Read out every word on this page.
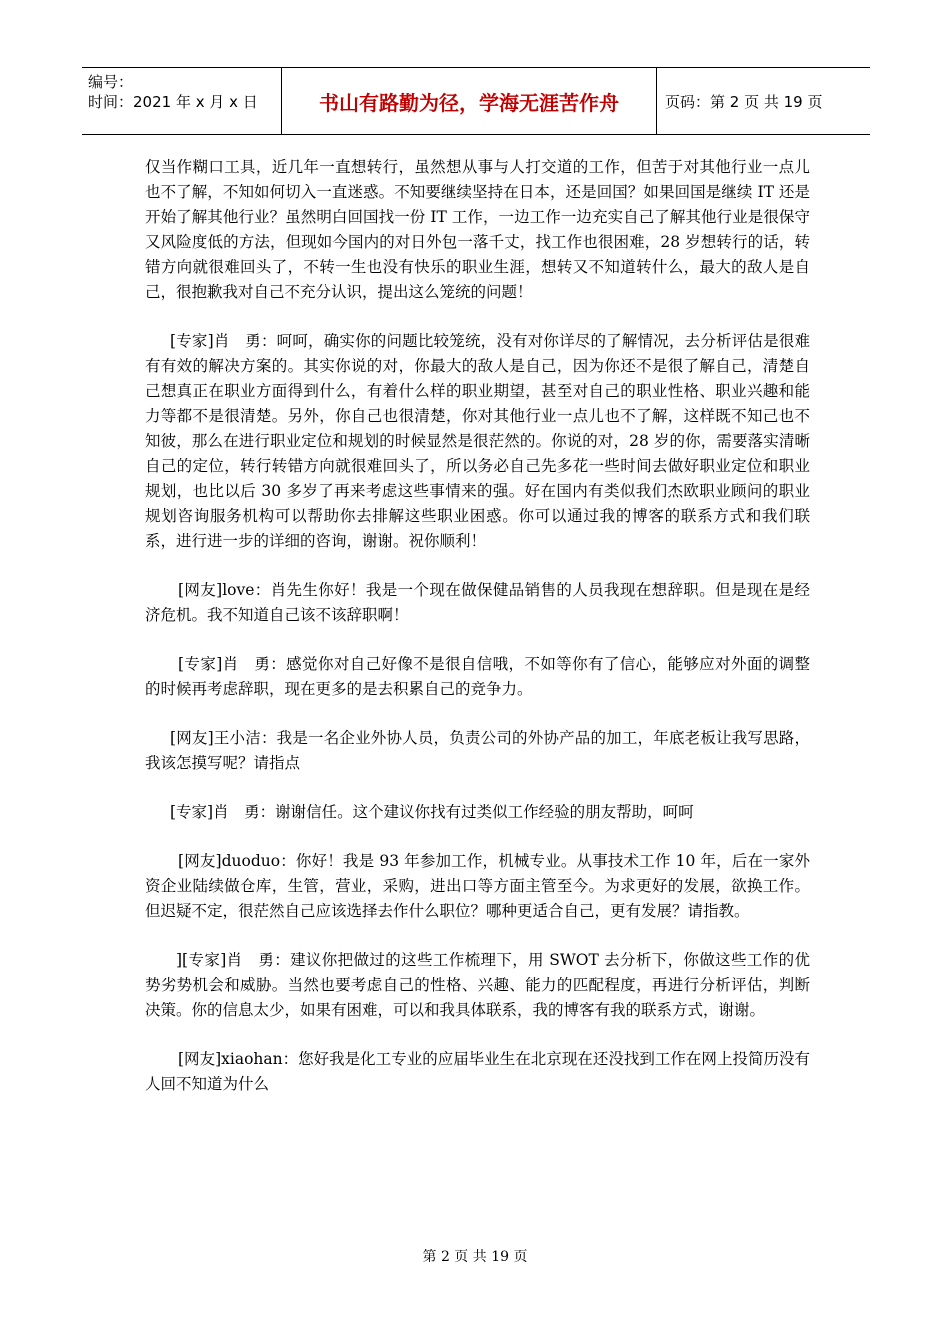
编号：
时间：2021 年 x 月 x 日	书山有路勤为径，学海无涯苦作舟	页码：第 2 页 共 19 页

仅当作糊口工具，近几年一直想转行，虽然想从事与人打交道的工作，但苦于对其他行业一点儿也不了解，不知如何切入一直迷惑。不知要继续坚持在日本，还是回国？如果回国是继续 IT 还是开始了解其他行业？虽然明白回国找一份 IT 工作，一边工作一边充实自己了解其他行业是很保守又风险度低的方法，但现如今国内的对日外包一落千丈，找工作也很困难，28 岁想转行的话，转错方向就很难回头了，不转一生也没有快乐的职业生涯，想转又不知道转什么，最大的敌人是自己，很抱歉我对自己不充分认识，提出这么笼统的问题！

[专家]肖　勇：呵呵，确实你的问题比较笼统，没有对你详尽的了解情况，去分析评估是很难有有效的解决方案的。其实你说的对，你最大的敌人是自己，因为你还不是很了解自己，清楚自己想真正在职业方面得到什么，有着什么样的职业期望，甚至对自己的职业性格、职业兴趣和能力等都不是很清楚。另外，你自己也很清楚，你对其他行业一点儿也不了解，这样既不知己也不知彼，那么在进行职业定位和规划的时候显然是很茫然的。你说的对，28 岁的你，需要落实清晰自己的定位，转行转错方向就很难回头了，所以务必自己先多花一些时间去做好职业定位和职业规划，也比以后 30 多岁了再来考虑这些事情来的强。好在国内有类似我们杰欧职业顾问的职业规划咨询服务机构可以帮助你去排解这些职业困惑。你可以通过我的博客的联系方式和我们联系，进行进一步的详细的咨询，谢谢。祝你顺利！

[网友]love：肖先生你好！我是一个现在做保健品销售的人员我现在想辞职。但是现在是经济危机。我不知道自己该不该辞职啊！

[专家]肖　勇：感觉你对自己好像不是很自信哦，不如等你有了信心，能够应对外面的调整的时候再考虑辞职，现在更多的是去积累自己的竞争力。

[网友]王小洁：我是一名企业外协人员，负责公司的外协产品的加工，年底老板让我写思路，我该怎摸写呢？请指点

[专家]肖　勇：谢谢信任。这个建议你找有过类似工作经验的朋友帮助，呵呵

[网友]duoduo：你好！我是 93 年参加工作，机械专业。从事技术工作 10 年，后在一家外资企业陆续做仓库，生管，营业，采购，进出口等方面主管至今。为求更好的发展，欲换工作。但迟疑不定，很茫然自己应该选择去作什么职位？哪种更适合自己，更有发展？请指教。

][专家]肖　勇：建议你把做过的这些工作梳理下，用 SWOT 去分析下，你做这些工作的优势劣势机会和威胁。当然也要考虑自己的性格、兴趣、能力的匹配程度，再进行分析评估，判断决策。你的信息太少，如果有困难，可以和我具体联系，我的博客有我的联系方式，谢谢。

[网友]xiaohan：您好我是化工专业的应届毕业生在北京现在还没找到工作在网上投简历没有人回不知道为什么

第 2 页 共 19 页
